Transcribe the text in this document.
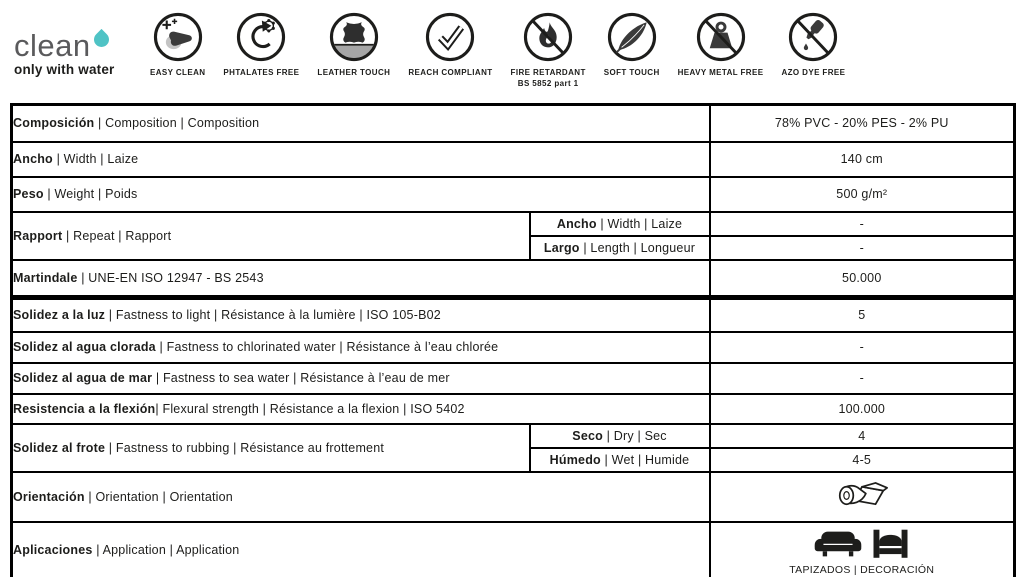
clean
only with water	EASY CLEAN PHTALATES FREE LEATHER TOUCH REACH COMPLIANT FIRE RETARDANT
BS 5852 part 1
SOFT TOUCH HEAVY METAL FREE AZO DYE FREE
Composición | Composition | Composition		78% PVC - 20% PES - 2% PU
Ancho | Width | Laize		140 cm
Peso | Weight | Poids		500 g/m²
Rapport | Repeat | Rapport	Ancho | Width | Laize	-
	Largo | Length | Longueur	-
Martindale | UNE-EN ISO 12947 - BS 2543		50.000
Solidez a la luz | Fastness to light | Résistance à la lumière | ISO 105-B02		5
Solidez al agua clorada | Fastness to chlorinated water | Résistance à l’eau chlorée		-
Solidez al agua de mar | Fastness to sea water | Résistance à l’eau de mer		-
Resistencia a la flexión| Flexural strength | Résistance a la flexion | ISO 5402		100.000
Solidez al frote | Fastness to rubbing | Résistance au frottement	Seco | Dry | Sec	4
	Húmedo | Wet | Humide	4-5
Orientación | Orientation | Orientation	
Aplicaciones | Application | Application		TAPIZADOS | DECORACIÓN
